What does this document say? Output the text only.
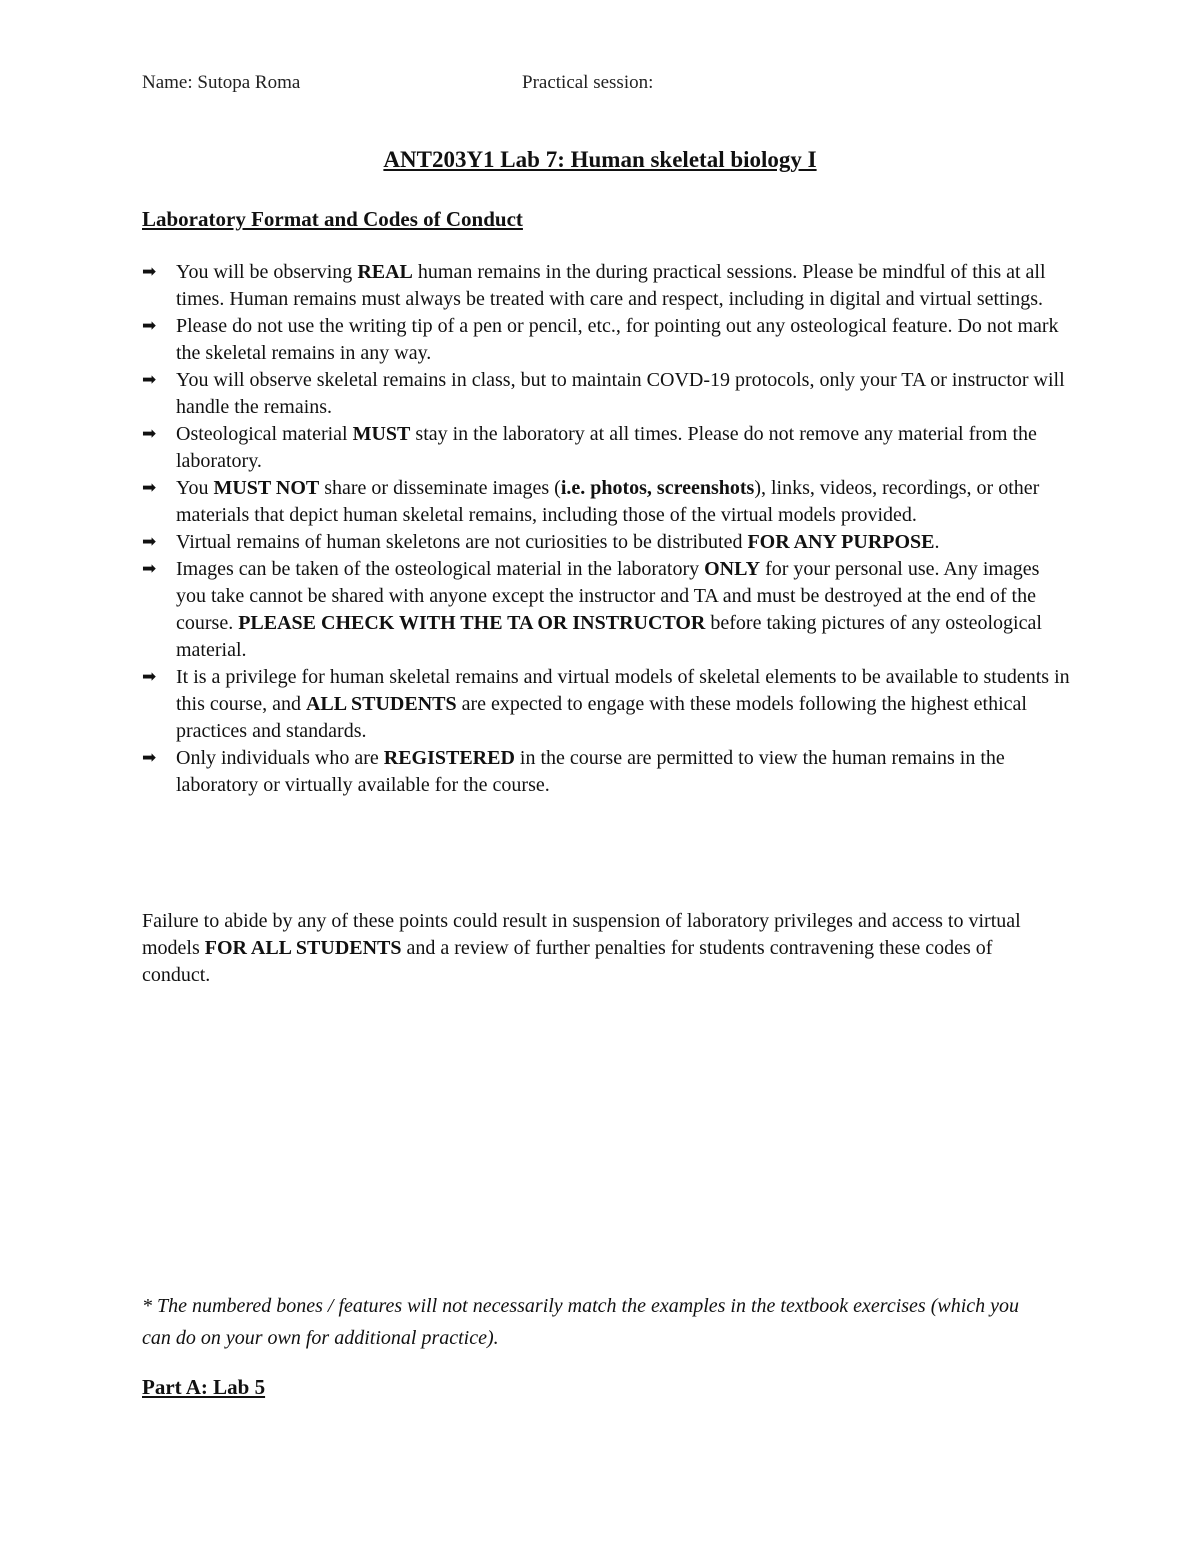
Name: Sutopa Roma	Practical session:
ANT203Y1 Lab 7: Human skeletal biology I
Laboratory Format and Codes of Conduct
➡ You will be observing REAL human remains in the during practical sessions. Please be mindful of this at all times. Human remains must always be treated with care and respect, including in digital and virtual settings.
➡ Please do not use the writing tip of a pen or pencil, etc., for pointing out any osteological feature. Do not mark the skeletal remains in any way.
➡ You will observe skeletal remains in class, but to maintain COVD-19 protocols, only your TA or instructor will handle the remains.
➡ Osteological material MUST stay in the laboratory at all times. Please do not remove any material from the laboratory.
➡ You MUST NOT share or disseminate images (i.e. photos, screenshots), links, videos, recordings, or other materials that depict human skeletal remains, including those of the virtual models provided.
➡ Virtual remains of human skeletons are not curiosities to be distributed FOR ANY PURPOSE.
➡ Images can be taken of the osteological material in the laboratory ONLY for your personal use. Any images you take cannot be shared with anyone except the instructor and TA and must be destroyed at the end of the course. PLEASE CHECK WITH THE TA OR INSTRUCTOR before taking pictures of any osteological material.
➡ It is a privilege for human skeletal remains and virtual models of skeletal elements to be available to students in this course, and ALL STUDENTS are expected to engage with these models following the highest ethical practices and standards.
➡ Only individuals who are REGISTERED in the course are permitted to view the human remains in the laboratory or virtually available for the course.

Failure to abide by any of these points could result in suspension of laboratory privileges and access to virtual models FOR ALL STUDENTS and a review of further penalties for students contravening these codes of conduct.

* The numbered bones / features will not necessarily match the examples in the textbook exercises (which you can do on your own for additional practice).

Part A: Lab 5
